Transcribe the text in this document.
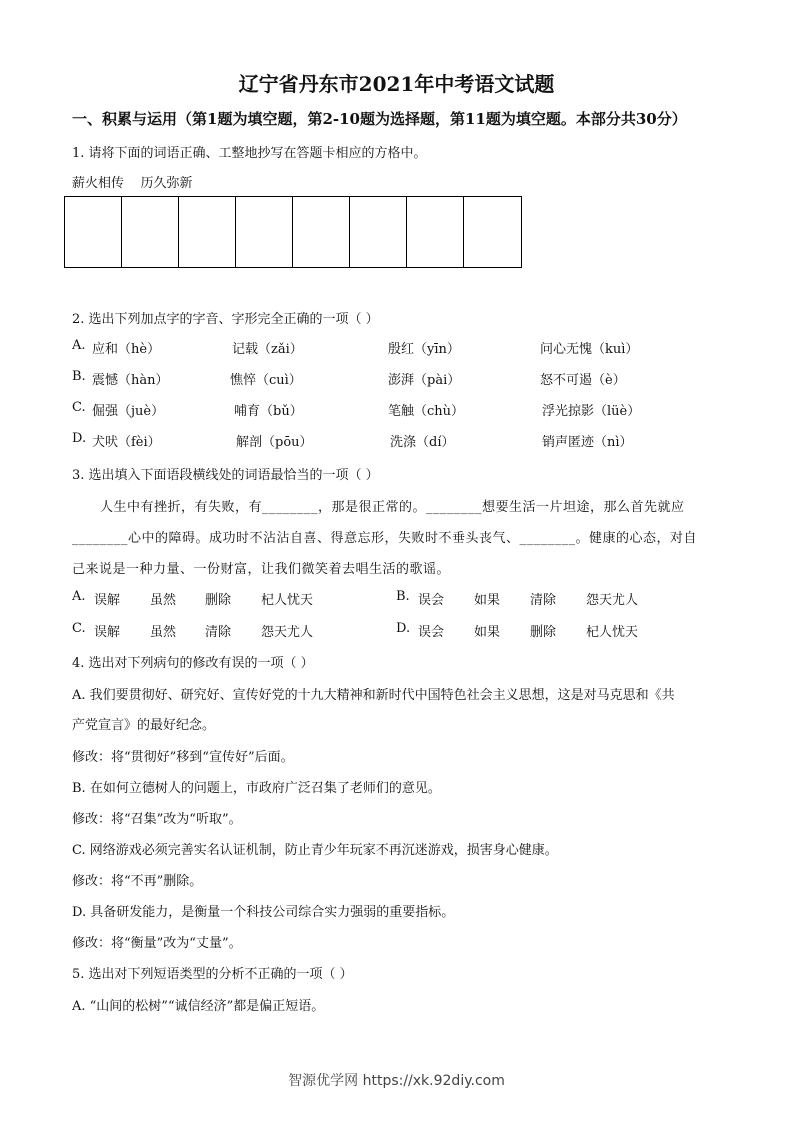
辽宁省丹东市2021年中考语文试题
一、积累与运用（第1题为填空题，第2-10题为选择题，第11题为填空题。本部分共30分）
1. 请将下面的词语正确、工整地抄写在答题卡相应的方格中。
薪火相传    历久弥新
2. 选出下列加点字的字音、字形完全正确的一项（ ）
A. 应和（hè）	记载（zǎi）	殷红（yīn）	问心无愧（kuì）
B. 震憾（hàn）	憔悴（cuì）	澎湃（pài）	怒不可遏（è）
C. 倔强（juè）	哺育（bǔ）	笔触（chù）	浮光掠影（lüè）
D. 犬吠（fèi）	解剖（pōu）	洗涤（dí）	销声匿迹（nì）
3. 选出填入下面语段横线处的词语最恰当的一项（ ）
人生中有挫折，有失败，有________，那是很正常的。________想要生活一片坦途，那么首先就应
________心中的障碍。成功时不沾沾自喜、得意忘形，失败时不垂头丧气、________。健康的心态，对自
己来说是一种力量、一份财富，让我们微笑着去唱生活的歌谣。
A. 误解 虽然 删除 杞人忧天	B. 误会 如果 清除 怨天尤人
C. 误解 虽然 清除 怨天尤人	D. 误会 如果 删除 杞人忧天
4. 选出对下列病句的修改有误的一项（ ）
A. 我们要贯彻好、研究好、宣传好党的十九大精神和新时代中国特色社会主义思想，这是对马克思和《共
产党宣言》的最好纪念。
修改：将“贯彻好”移到“宣传好”后面。
B. 在如何立德树人的问题上，市政府广泛召集了老师们的意见。
修改：将“召集”改为“听取”。
C. 网络游戏必须完善实名认证机制，防止青少年玩家不再沉迷游戏，损害身心健康。
修改：将“不再”删除。
D. 具备研发能力，是衡量一个科技公司综合实力强弱的重要指标。
修改：将“衡量”改为“丈量”。
5. 选出对下列短语类型的分析不正确的一项（ ）
A. “山间的松树”“诚信经济”都是偏正短语。
智源优学网 https://xk.92diy.com
